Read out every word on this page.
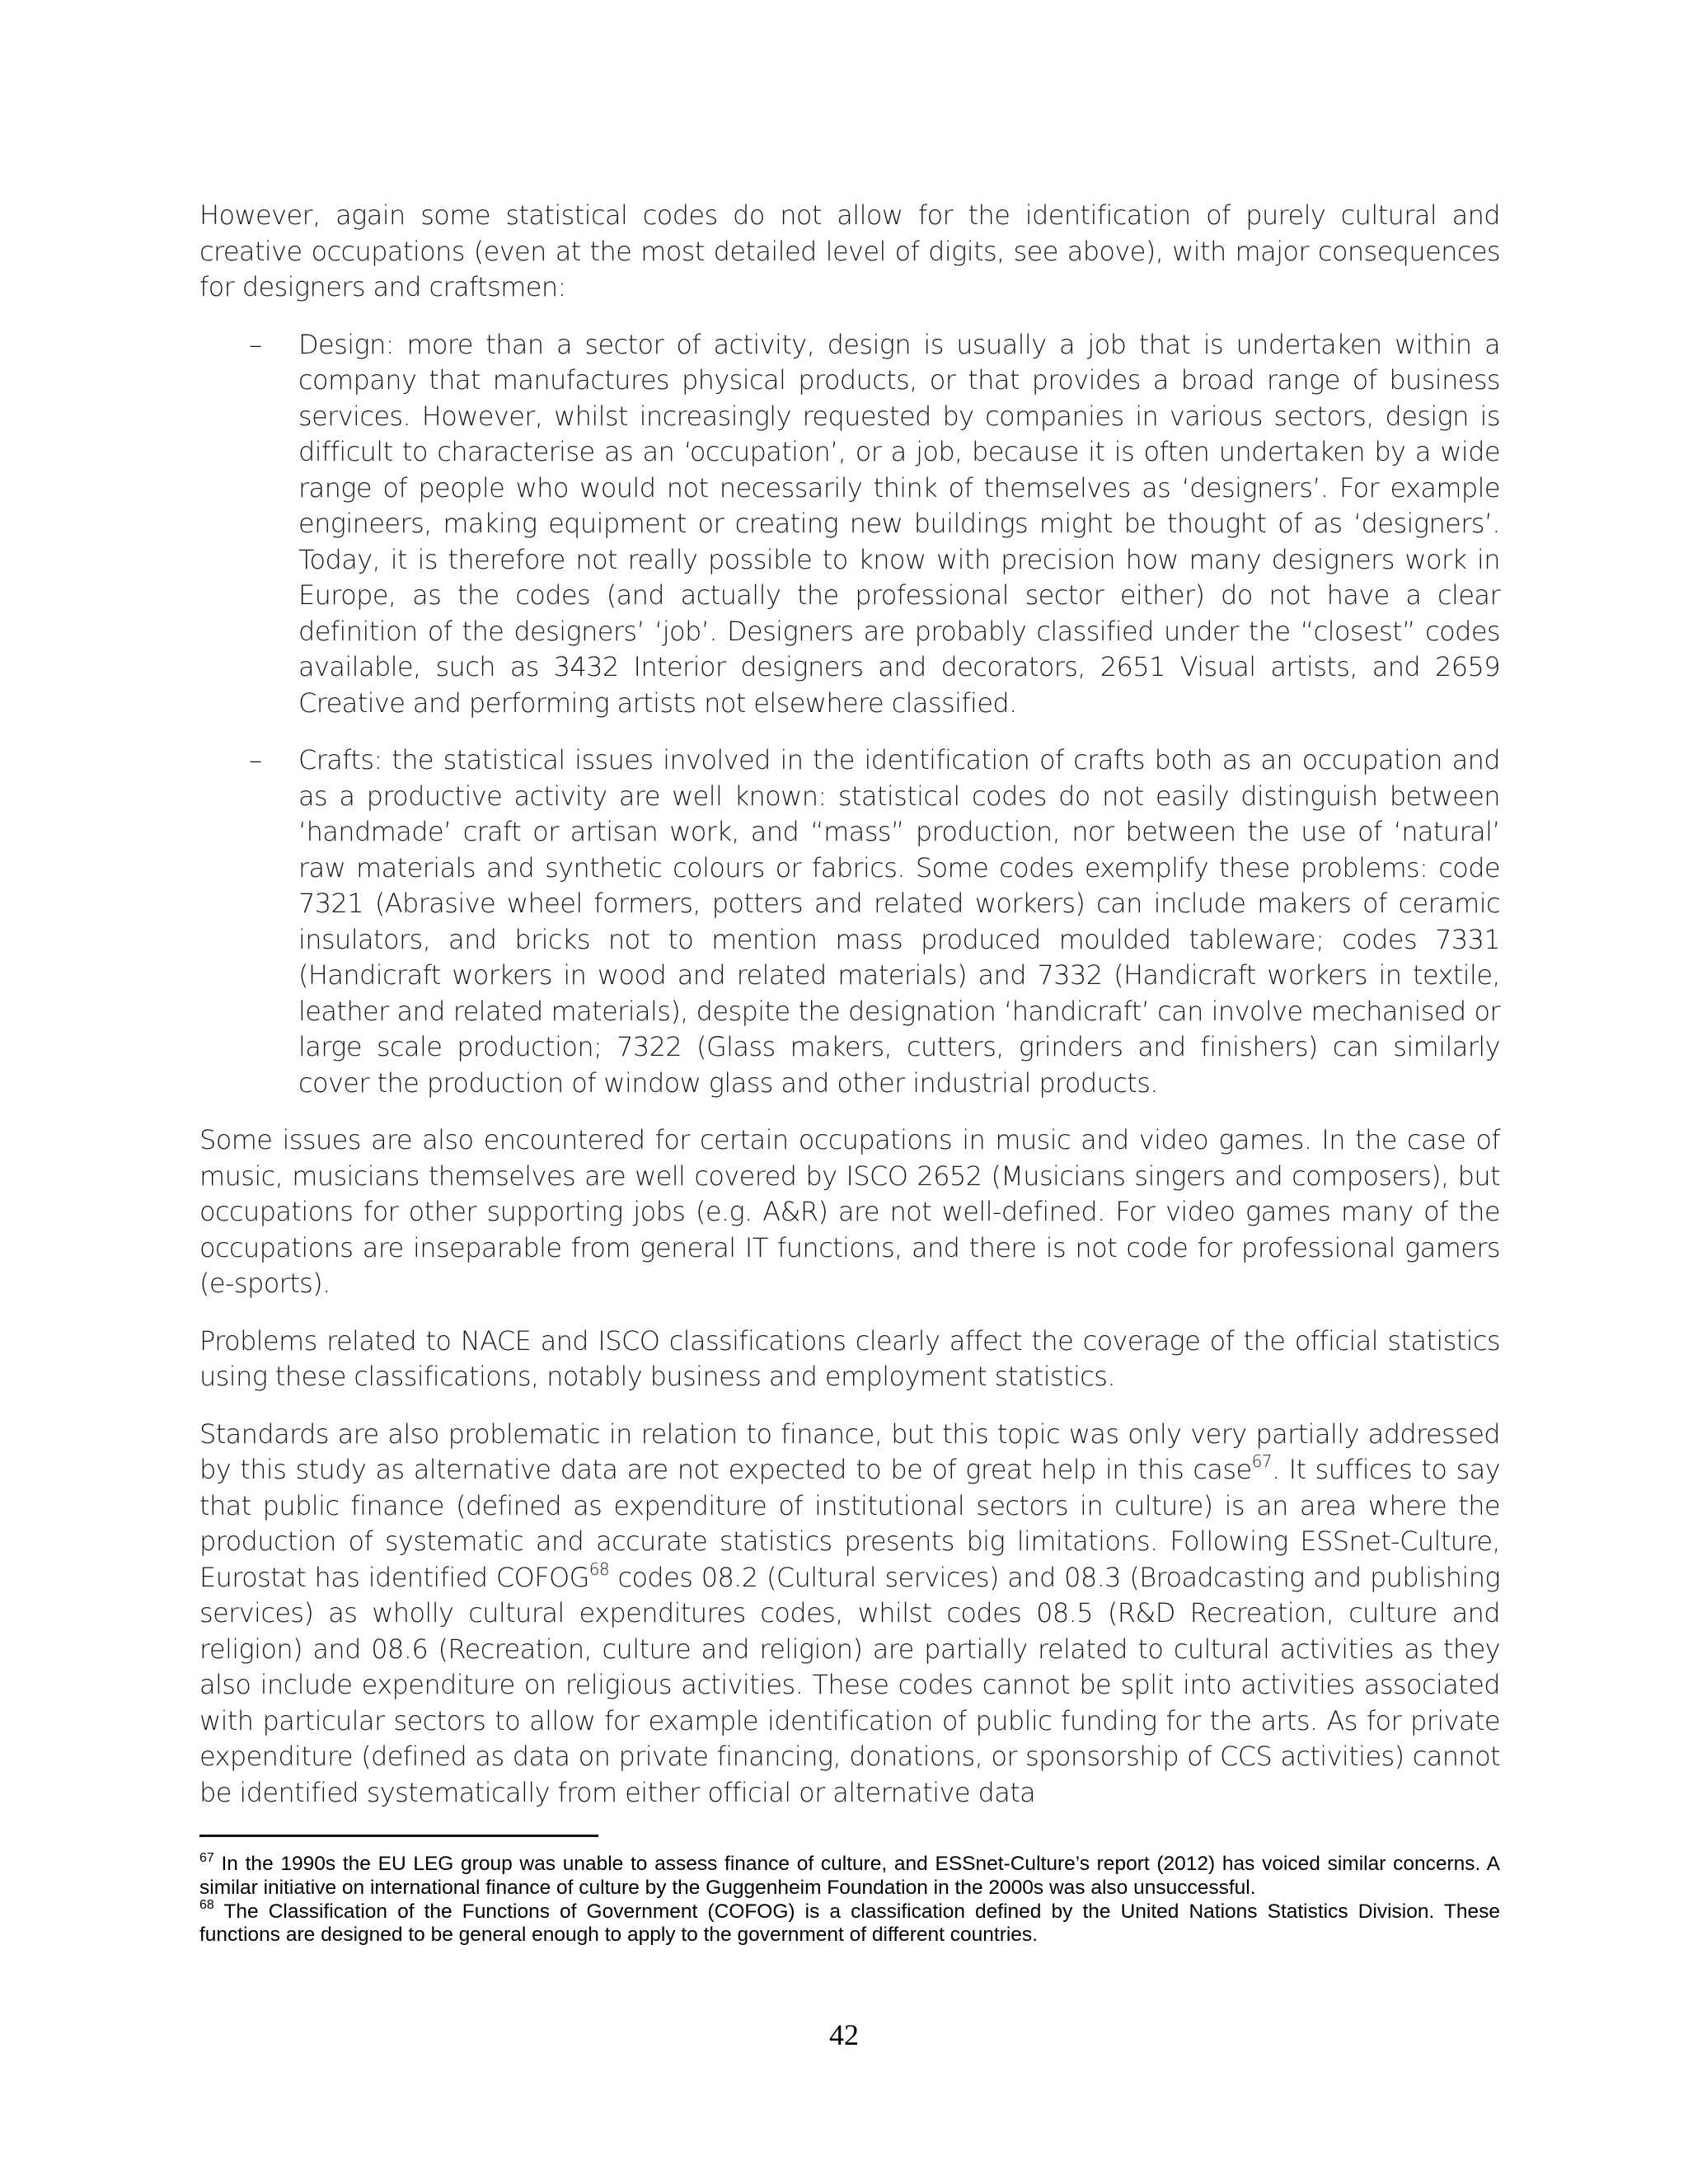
However, again some statistical codes do not allow for the identification of purely cultural and creative occupations (even at the most detailed level of digits, see above), with major consequences for designers and craftsmen:

– Design: more than a sector of activity, design is usually a job that is undertaken within a company that manufactures physical products, or that provides a broad range of business services. However, whilst increasingly requested by companies in various sectors, design is difficult to characterise as an ‘occupation’, or a job, because it is often undertaken by a wide range of people who would not necessarily think of themselves as ‘designers’. For example engineers, making equipment or creating new buildings might be thought of as ‘designers’. Today, it is therefore not really possible to know with precision how many designers work in Europe, as the codes (and actually the professional sector either) do not have a clear definition of the designers’ ‘job’. Designers are probably classified under the “closest” codes available, such as 3432 Interior designers and decorators, 2651 Visual artists, and 2659 Creative and performing artists not elsewhere classified.
– Crafts: the statistical issues involved in the identification of crafts both as an occupation and as a productive activity are well known: statistical codes do not easily distinguish between ‘handmade’ craft or artisan work, and “mass” production, nor between the use of ‘natural’ raw materials and synthetic colours or fabrics. Some codes exemplify these problems: code 7321 (Abrasive wheel formers, potters and related workers) can include makers of ceramic insulators, and bricks not to mention mass produced moulded tableware; codes 7331 (Handicraft workers in wood and related materials) and 7332 (Handicraft workers in textile, leather and related materials), despite the designation ‘handicraft’ can involve mechanised or large scale production; 7322 (Glass makers, cutters, grinders and finishers) can similarly cover the production of window glass and other industrial products.

Some issues are also encountered for certain occupations in music and video games. In the case of music, musicians themselves are well covered by ISCO 2652 (Musicians singers and composers), but occupations for other supporting jobs (e.g. A&R) are not well-defined. For video games many of the occupations are inseparable from general IT functions, and there is not code for professional gamers (e-sports).

Problems related to NACE and ISCO classifications clearly affect the coverage of the official statistics using these classifications, notably business and employment statistics.

Standards are also problematic in relation to finance, but this topic was only very partially addressed by this study as alternative data are not expected to be of great help in this case$^{67}$. It suffices to say that public finance (defined as expenditure of institutional sectors in culture) is an area where the production of systematic and accurate statistics presents big limitations. Following ESSnet-Culture, Eurostat has identified COFOG$^{68}$ codes 08.2 (Cultural services) and 08.3 (Broadcasting and publishing services) as wholly cultural expenditures codes, whilst codes 08.5 (R&D Recreation, culture and religion) and 08.6 (Recreation, culture and religion) are partially related to cultural activities as they also include expenditure on religious activities. These codes cannot be split into activities associated with particular sectors to allow for example identification of public funding for the arts. As for private expenditure (defined as data on private financing, donations, or sponsorship of CCS activities) cannot be identified systematically from either official or alternative data

$^{67}$ In the 1990s the EU LEG group was unable to assess finance of culture, and ESSnet-Culture’s report (2012) has voiced similar concerns. A similar initiative on international finance of culture by the Guggenheim Foundation in the 2000s was also unsuccessful.

$^{68}$ The Classification of the Functions of Government (COFOG) is a classification defined by the United Nations Statistics Division. These functions are designed to be general enough to apply to the government of different countries.

42
